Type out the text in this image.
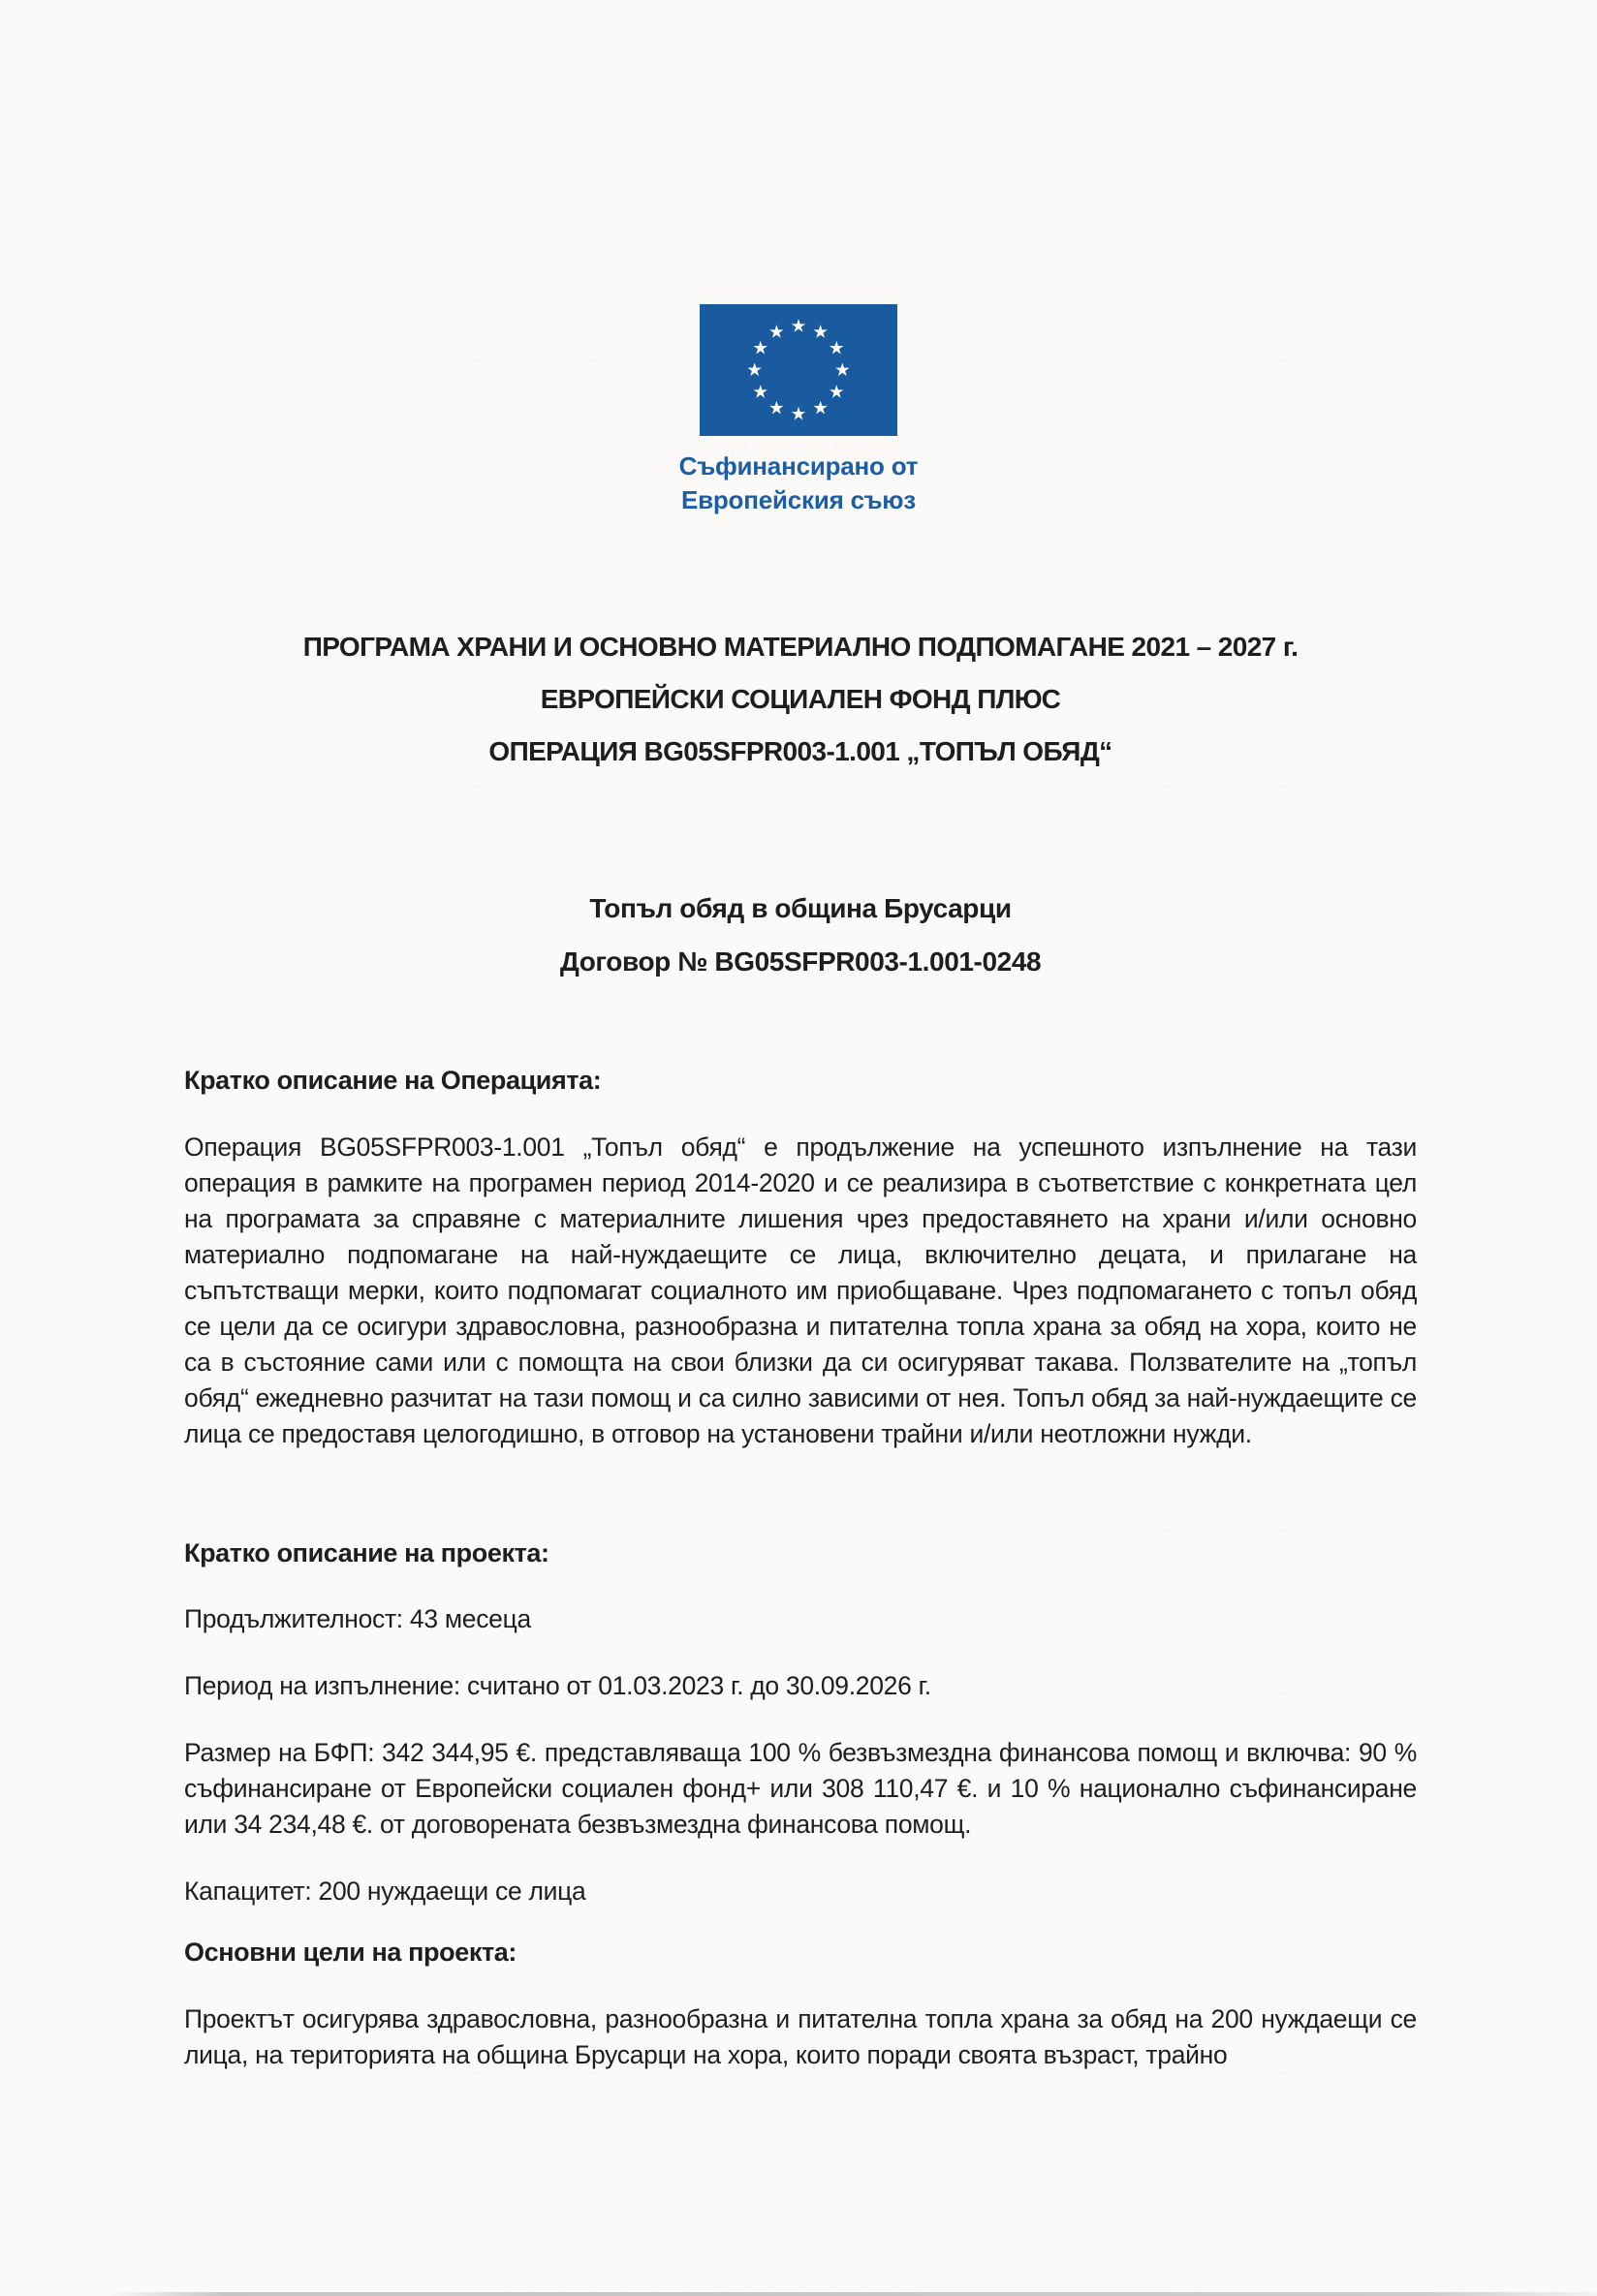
Съфинансирано от
Европейския съюз

ПРОГРАМА ХРАНИ И ОСНОВНО МАТЕРИАЛНО ПОДПОМАГАНЕ 2021 – 2027 г.

ЕВРОПЕЙСКИ СОЦИАЛЕН ФОНД ПЛЮС

ОПЕРАЦИЯ BG05SFPR003-1.001 „ТОПЪЛ ОБЯД“

Топъл обяд в община Брусарци

Договор № BG05SFPR003-1.001-0248

Кратко описание на Операцията:

Операция BG05SFPR003-1.001 „Топъл обяд“ е продължение на успешното изпълнение на тази операция в рамките на програмен период 2014-2020 и се реализира в съответствие с конкретната цел на програмата за справяне с материалните лишения чрез предоставянето на храни и/или основно материално подпомагане на най-нуждаещите се лица, включително децата, и прилагане на съпътстващи мерки, които подпомагат социалното им приобщаване. Чрез подпомагането с топъл обяд се цели да се осигури здравословна, разнообразна и питателна топла храна за обяд на хора, които не са в състояние сами или с помощта на свои близки да си осигуряват такава. Ползвателите на „топъл обяд“ ежедневно разчитат на тази помощ и са силно зависими от нея. Топъл обяд за най-нуждаещите се лица се предоставя целогодишно, в отговор на установени трайни и/или неотложни нужди.

Кратко описание на проекта:

Продължителност: 43 месеца

Период на изпълнение: считано от 01.03.2023 г. до 30.09.2026 г.

Размер на БФП: 342 344,95 €. представляваща 100 % безвъзмездна финансова помощ и включва: 90 % съфинансиране от Европейски социален фонд+ или 308 110,47 €. и 10 % национално съфинансиране или 34 234,48 €. от договорената безвъзмездна финансова помощ.

Капацитет: 200 нуждаещи се лица

Основни цели на проекта:

Проектът осигурява здравословна, разнообразна и питателна топла храна за обяд на 200 нуждаещи се лица, на територията на община Брусарци на хора, които поради своята възраст, трайно
